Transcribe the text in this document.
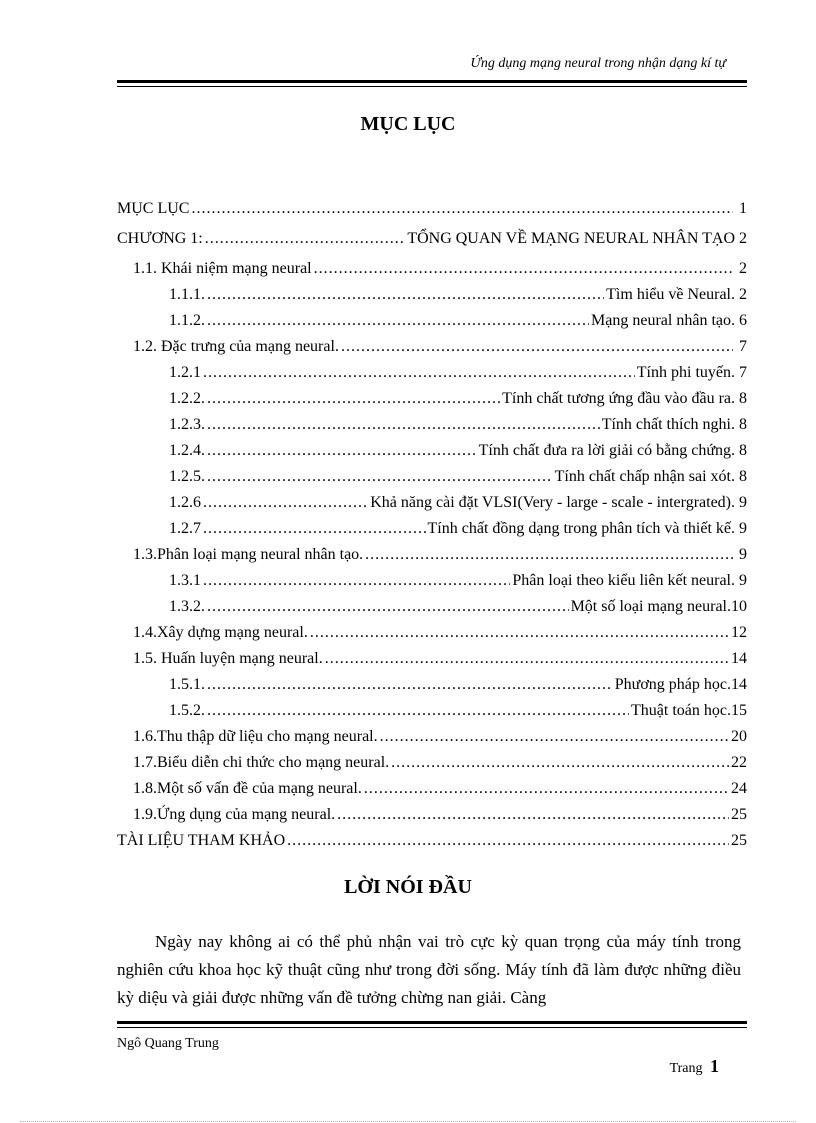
Ứng dụng mạng neural trong nhận dạng kí tự
MỤC LỤC
MỤC LỤC .....	1
CHƯƠNG 1: .....	TỔNG QUAN VỀ MẠNG NEURAL NHÂN TẠO 2
1.1. Khái niệm mạng neural .....	2
1.1.1. .....	Tìm hiểu về Neural. 2
1.1.2. .....	Mạng neural nhân tạo. 6
1.2. Đặc trưng của mạng neural. .....	7
1.2.1 .....	Tính phi tuyến. 7
1.2.2. .....	Tính chất tương ứng đầu vào đầu ra. 8
1.2.3. .....	Tính chất thích nghi. 8
1.2.4. .....	Tính chất đưa ra lời giải có bằng chứng. 8
1.2.5. .....	Tính chất chấp nhận sai xót. 8
1.2.6 .....	Khả năng cài đặt VLSI(Very - large - scale - intergrated). 9
1.2.7 .....	Tính chất đồng dạng trong phân tích và thiết kế. 9
1.3.Phân loại mạng neural nhân tạo. .....	9
1.3.1 .....	Phân loại theo kiểu liên kết neural. 9
1.3.2. .....	Một số loại mạng neural. 10
1.4.Xây dựng mạng neural. .....	12
1.5. Huấn luyện mạng neural. .....	14
1.5.1. .....	Phương pháp học. 14
1.5.2. .....	Thuật toán học. 15
1.6.Thu thập dữ liệu cho mạng neural. .....	20
1.7.Biểu diễn chi thức cho mạng neural. .....	22
1.8.Một số vấn đề của mạng neural. .....	24
1.9.Ứng dụng của mạng neural. .....	25
TÀI LIỆU THAM KHẢO .....	25
LỜI NÓI ĐẦU

Ngày nay không ai có thể phủ nhận vai trò cực kỳ quan trọng của máy tính trong nghiên cứu khoa học kỹ thuật cũng như trong đời sống. Máy tính đã làm được những điều kỳ diệu và giải được những vấn đề tưởng chừng nan giải. Càng

Ngô Quang Trung
Trang 1
